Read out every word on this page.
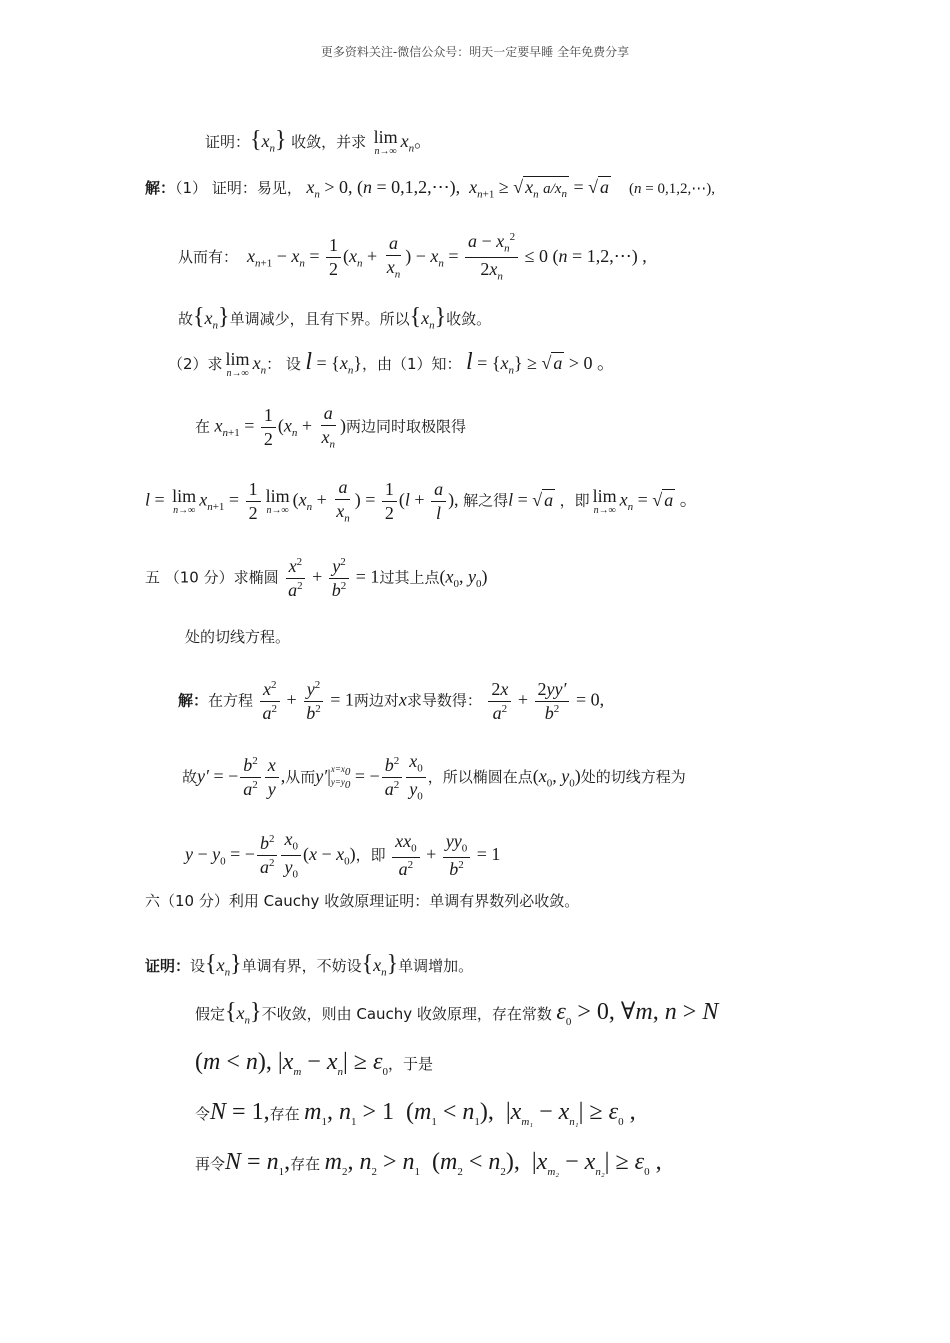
更多资料关注-微信公众号：明天一定要早睡 全年免费分享
证明：$\{x_n\}$ 收敛，并求 lim
n→∞
$x_n$。
解：（1） 证明：易见， $x_n > 0$, (n = 0,1,2,⋯),  $x_{n+1}$ ≥ √ $x_n$ $a/x_n$ = √ a (n = 0,1,2,⋯),
从而有： $x_{n+1} - x_n = \frac{1}{2} (x_n + \frac{a}{x_n}$ ) − $x_n = \frac{a - x_n^2}{2x_n} \le 0$ (n = 1,2,⋯) ,
故$\{x_n\}$单调减少，且有下界。所以$\{x_n\}$收敛。
（2）求 lim
n→∞
$x_n$： 设 $l = \{x_n\}$，由（1）知： $l = \{x_n\}$ ≥ √ a > 0 。
在 $x_{n+1} = \frac{1}{2} (x_n + \frac{a}{x_n}$ )两边同时取极限得
l = lim
n→∞
$x_{n+1} = \frac{1}{2}$ lim
n→∞
($x_n + \frac{a}{x_n}$ ) = $\frac{1}{2} (l + \frac{a}{l}$ ), 解之得l = √ a ，即 lim
n→∞
$x_n$ = √ a 。
五 （10 分）求椭圆 $\frac{x^2}{a^2} + \frac{y^2}{b^2} = 1$过其上点($x_0$, $y_0$)
处的切线方程。
解：在方程 $\frac{x^2}{a^2} + \frac{y^2}{b^2} = 1$两边对x求导数得： $\frac{2x}{a^2} + \frac{2yy'}{b^2} = 0$,
故y′ = − $\frac{b^2}{a^2} \frac{x}{y}$ ,从而y′| $x=x_0$
$y=y_0$ = − $\frac{b^2}{a^2} \frac{x_0}{y_0}$ ，所以椭圆在点($x_0$, $y_0$)处的切线方程为
$y - y_0$ = − $\frac{b^2}{a^2} \frac{x_0}{y_0} (x - x_0)$，即 $\frac{xx_0}{a^2} + \frac{yy_0}{b^2} = 1$
六（10 分）利用 Cauchy 收敛原理证明：单调有界数列必收敛。
证明：设$\{x_n\}$单调有界，不妨设$\{x_n\}$单调增加。
假定$\{x_n\}$不收敛，则由 Cauchy 收敛原理，存在常数 $\varepsilon_0 > 0$, ∀m, n > N
(m < n), $|x_m - x_n| \ge \varepsilon_0$，于是
令N = 1,存在 $m_1$, $n_1 > 1$  $(m_1 < n_1)$,  $|x_{m_1} - x_{n_1}| \ge \varepsilon_0$ ,
再令$N = n_1$,存在 $m_2$, $n_2 > n_1$  $(m_2 < n_2)$,  $|x_{m_2} - x_{n_2}| \ge \varepsilon_0$ ,
